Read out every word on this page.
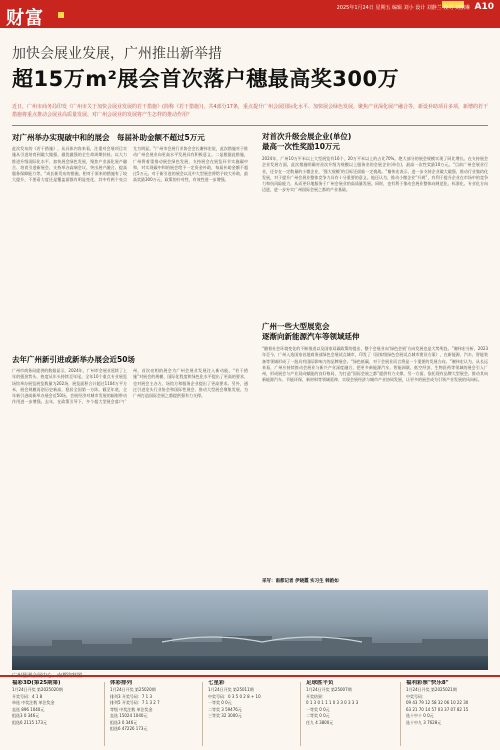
财富	2025年1月24日 星期五 编辑 刘小 设计 刘静兰 校对 刘朋琳 A10
加快会展业发展，广州推出新举措
超15万m²展会首次落户穗最高奖300万
近日，广州市商务局印发《广州市关于加快会展业发展的若干措施》(简称《若干措施》)，共4部分17条，重点提升广州会展国际化水平、加快展会绿色发展、聚焦产业深化展产融合等，新设补助项目多项，新增的若干措施将重点推动会展业高质量发展、对广州会展业的发展将产生怎样的推动作用？
对广州举办实现破中和的展会　每届补助金额不超过5万元
此次发布的《若干措施》，从具体内容来看，注重对会展项目实施从引进培育到做大做强、做优做强的全生命周期扶持。以大力推进升级国际化水平，加快展会绿色发展，聚焦产业深化展产融合、培育引进新展会、支持举办高端会议、突出展产融合、提高服务保障能力等。“成长新发布的措施，相对于原来的措施有了较大提升，不要看力度还是覆盖面都有明显变化，其中有两个亮点尤为明显。”广州市会展行业协会会长谢伟宏说，此次措施对于推动广州会展业向更高水平发展具有积极意义。二是根据此措施，广州将着重推动展会绿色发展，支持展会在展览环节实施碳中和，对实现碳中和的展会给予一定资金补助，每届补助金额不超过5万元。对于新引进的展会以及中大型展会将给予较大补助，最高奖励300万元，政策的针对性、有效性进一步增强。
去年广州新引进或新举办展会近50场
广州市商务局提供的数据显示，2024年，广州市会展业延续了上年的强劲势头，热度从年头持续至年尾。全年10个重点专业展览场馆举办展览展览数量为202场，展览面积合计超过1104万平方米，展会规模再创历史新高，稳居全国第一方阵。截至年底，全年新引进或新举办展会近50场，会展经济对城市发展的辐射带动作用进一步增强。去年，在政策引导下，多个超大型展会落户广州，首次亮相的展会为广州会展业发展注入新动能。“若干措施”对展会的规模、国际化程度和绿色化水平提出了更高的要求，也对展会主办方、场馆方和服务企业提出了更高要求。另外，通过引进龙头行业协会和国际性展会，推动大型展会聚集发展，为广州打造国际会展之都提供强有力支撑。
对首次升级会展企业(单位)
最高一次性奖励10万元
2024年，广州10万平米以上大型展览有16个，20万平米以上的占比70%。绝大部分的展会规模实现了同比增长。在支持展会企业发展方面，此次措施明确对首次升级为规模以上服务业的会展企业(单位)，最高一次性奖励10万元。“目前广州会展业行业，还存在一定数量的小微企业，‘强大规模’的目标还面临一定挑战。”谢伟宏表示，进一步支持企业做大做强，推动行业集约化发展，对于提升广州会展业整体竞争力具有十分重要的意义。他还认为，推动小微企业“升规”，有利于提升企业在市场中的竞争力和抗风险能力，从而更好地服务于广州会展业的高质量发展。同时，也有利于推动会展业整体向规范化、标准化、专业化方向迈进，进一步夯实广州国际会展之都的产业基础。
广州一些大型展览会
逐渐向新能源汽车等领域延伸
“随着社会环境变化的不断推进以及国家双碳政策的提出，整个会展业向‘绿色会展’方向发展也是大势所趋。”谢伟宏分析，2023年至今，广州入选国家首批商务部绿色会展试点城市，印发了《国家级绿色会展试点城市建设方案》，在新能源、汽车、智能装备等领域形成了一批具有国际影响力的品牌展会。“绿色低碳，对于会展业而言将是一个重要的发展方向。”谢伟宏认为，从长远来看，广州应持续推动会展业与新兴产业深度融合，把更多新能源汽车、智能网联、低空经济、生物医药等领域的展会引入广州，形成展会与产业双向赋能的良好格局，为打造“国际会展之都”提供有力支撑。另一方面，依托现有品牌大型展会，推动其向新能源汽车、节能环保、新材料等领域延伸，实现会展经济与城市产业协同发展，让更多的展会成为引领产业发展的风向标。
采写：南都记者 伊晓霞 实习生 韩韵如
福彩3D(第25期第)
1月24日开奖 第2025020期
开奖号码：4 1 8
单选 中奖注数 单注奖金
直选 896 1040元
组选3 0 346元
组选6 2115 173元
体彩排列
1月24日开奖 第25020期
排列3 开奖号码：7 1 3
排列5 开奖号码：7 1 3 2 7
等级 中奖注数 单注奖金
直选 15024 1040元
组选3 0 346元
组选6 47226 173元
七星彩
1月24日开奖 第25011期
中奖号码：0 3 5 0 2 8 + 10
一等奖 0 0元
二等奖 3 59476元
三等奖 32 3000元
足球胜平负
1月24日开奖 第25007期
开奖结果：
0 1 3 0 1 1 1 0 3 3 0 3 3 3
一等奖 0 0元
二等奖 0 0元
任九 4 3800元
福利彩票"快乐8"
1月24日开奖 第2025021期
中奖号码：
09 43 79 12 58 32 06 10 22 30
63 21 70 14 57 03 37 07 82 15
选十中十 0 0元
选十中九 3 7628元
